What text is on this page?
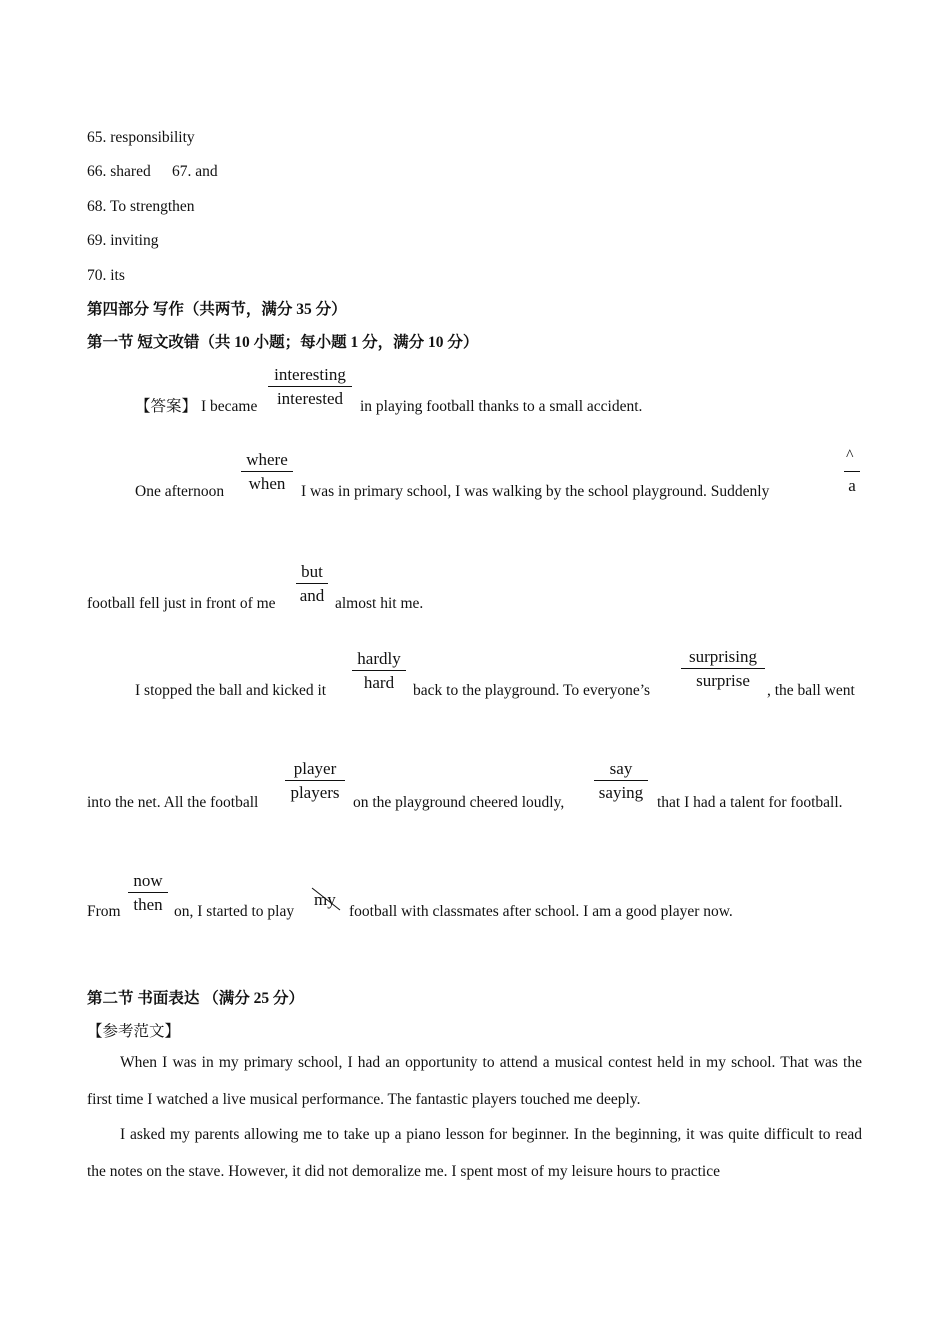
65. responsibility
66. shared 67. and
68. To strengthen
69. inviting
70. its
第四部分 写作（共两节，满分 35 分）
第一节 短文改错（共 10 小题；每小题 1 分，满分 10 分）
【答案】 I became
interesting
interested	in playing football thanks to a small accident.
One afternoon
where
when	I was in primary school, I was walking by the school playground. Suddenly
^
a
football fell just in front of me
but
and almost hit me.
I stopped the ball and kicked it
hardly
hard	back to the playground. To everyone’s
surprising
surprise
, the ball went
into the net. All the football
player
players
on the playground cheered loudly,
say
saying
that I had a talent for football.
From
now
then on, I started to play
my
football with classmates after school. I am a good player now.
第二节 书面表达 （满分 25 分）
【参考范文】
When I was in my primary school, I had an opportunity to attend a musical contest held in my school. That was the first time I watched a live musical performance. The fantastic players touched me deeply.
I asked my parents allowing me to take up a piano lesson for beginner. In the beginning, it was quite difficult to read the notes on the stave. However, it did not demoralize me. I spent most of my leisure hours to practice
